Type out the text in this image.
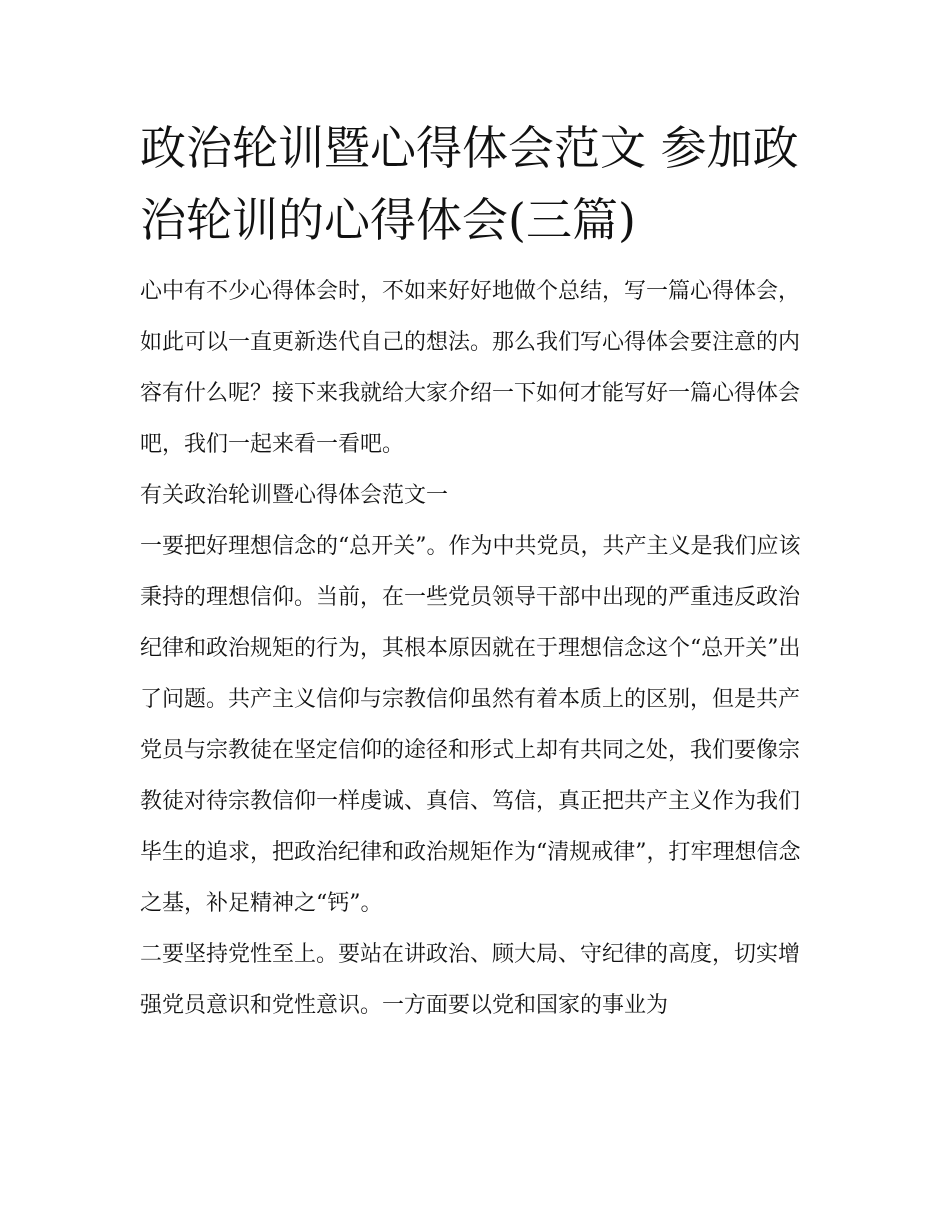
政治轮训暨心得体会范文 参加政治轮训的心得体会(三篇)

心中有不少心得体会时，不如来好好地做个总结，写一篇心得体会，如此可以一直更新迭代自己的想法。那么我们写心得体会要注意的内容有什么呢？接下来我就给大家介绍一下如何才能写好一篇心得体会吧，我们一起来看一看吧。

有关政治轮训暨心得体会范文一

一要把好理想信念的“总开关”。作为中共党员，共产主义是我们应该秉持的理想信仰。当前，在一些党员领导干部中出现的严重违反政治纪律和政治规矩的行为，其根本原因就在于理想信念这个“总开关”出了问题。共产主义信仰与宗教信仰虽然有着本质上的区别，但是共产党员与宗教徒在坚定信仰的途径和形式上却有共同之处，我们要像宗教徒对待宗教信仰一样虔诚、真信、笃信，真正把共产主义作为我们毕生的追求，把政治纪律和政治规矩作为“清规戒律”，打牢理想信念之基，补足精神之“钙”。

二要坚持党性至上。要站在讲政治、顾大局、守纪律的高度，切实增强党员意识和党性意识。一方面要以党和国家的事业为
